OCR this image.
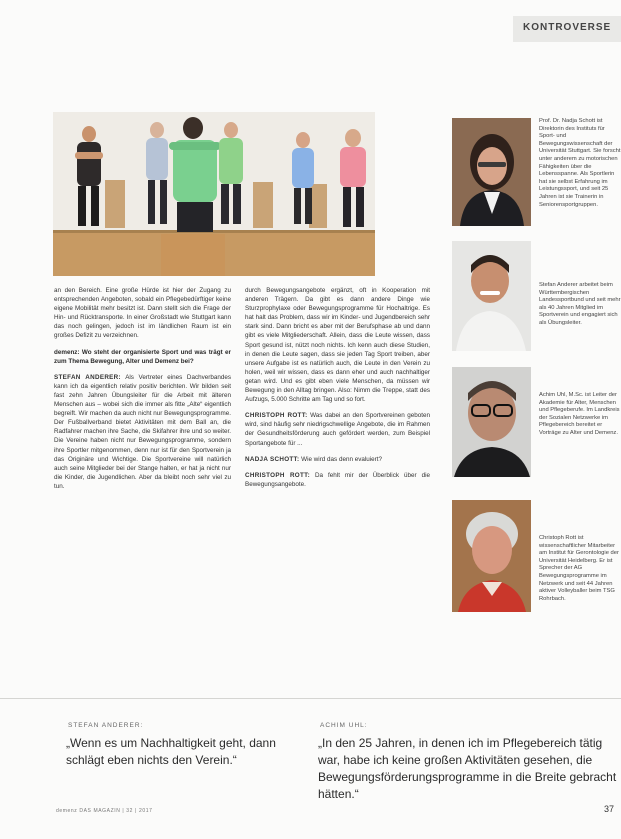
KONTROVERSE

an den Bereich. Eine große Hürde ist hier der Zugang zu entsprechenden Angeboten, sobald ein Pflegebedürftiger keine eigene Mobilität mehr besitzt ist. Dann stellt sich die Frage der Hin- und Rücktransporte. In einer Großstadt wie Stuttgart kann das noch gelingen, jedoch ist im ländlichen Raum ist ein großes Defizit zu verzeichnen.

demenz: Wo steht der organisierte Sport und was trägt er zum Thema Bewegung, Alter und Demenz bei?

STEFAN ANDERER: Als Vertreter eines Dachverbandes kann ich da eigentlich relativ positiv berichten. Wir bilden seit fast zehn Jahren Übungsleiter für die Arbeit mit älteren Menschen aus – wobei sich die immer als fitte „Alte“ eigentlich begreift. Wir machen da auch nicht nur Bewegungsprogramme. Der Fußballverband bietet Aktivitäten mit dem Ball an, die Radfahrer machen ihre Sache, die Skifahrer ihre und so weiter. Die Vereine haben nicht nur Bewegungsprogramme, sondern ihre Sportler mitgenommen, denn nur ist für den Sportverein ja das Originäre und Wichtige. Die Sportvereine will natürlich auch seine Mitglieder bei der Stange halten, er hat ja nicht nur die Kinder, die Jugendlichen. Aber da bleibt noch sehr viel zu tun.

durch Bewegungsangebote ergänzt, oft in Kooperation mit anderen Trägern. Da gibt es dann andere Dinge wie Sturzprophylaxe oder Bewegungsprogramme für Hochaltrige. Es hat halt das Problem, dass wir im Kinder- und Jugendbereich sehr stark sind. Dann bricht es aber mit der Berufsphase ab und dann gibt es viele Mitgliederschaft. Allein, dass die Leute wissen, dass Sport gesund ist, nützt noch nichts. Ich kenn auch diese Studien, in denen die Leute sagen, dass sie jeden Tag Sport treiben, aber unsere Aufgabe ist es natürlich auch, die Leute in den Verein zu holen, weil wir wissen, dass es dann eher und auch nachhaltiger getan wird. Und es gibt eben viele Menschen, da müssen wir Bewegung in den Alltag bringen. Also: Nimm die Treppe, statt des Aufzugs, 5.000 Schritte am Tag und so fort.

CHRISTOPH ROTT: Was dabei an den Sportvereinen geboten wird, sind häufig sehr niedrigschwellige Angebote, die im Rahmen der Gesundheitsförderung auch gefördert werden, zum Beispiel Sportangebote für ...

NADJA SCHOTT: Wie wird das denn evaluiert?

CHRISTOPH ROTT: Da fehlt mir der Überblick über die Bewegungsangebote.

Prof. Dr. Nadja Schott ist Direktorin des Instituts für Sport- und Bewegungswissenschaft der Universität Stuttgart. Sie forscht unter anderem zu motorischen Fähigkeiten über die Lebensspanne. Als Sportlerin hat sie selbst Erfahrung im Leistungssport, und seit 25 Jahren ist sie Trainerin in Seniorensportgruppen.
Stefan Anderer arbeitet beim Württembergischen Landessportbund und seit mehr als 40 Jahren Mitglied im Sportverein und engagiert sich als Übungsleiter.
Achim Uhl, M.Sc. ist Leiter der Akademie für Alter, Menschen und Pflegeberufe. Im Landkreis der Sozialen Netzwerke im Pflegebereich bereitet er Vorträge zu Alter und Demenz.
Christoph Rott ist wissenschaftlicher Mitarbeiter am Institut für Gerontologie der Universität Heidelberg. Er ist Sprecher der AG Bewegungsprogramme im Netzwerk und seit 44 Jahren aktiver Volleyballer beim TSG Rohrbach.
STEFAN ANDERER:
„Wenn es um Nachhaltigkeit geht, dann schlägt eben nichts den Verein.“
ACHIM UHL:
„In den 25 Jahren, in denen ich im Pflegebereich tätig war, habe ich keine großen Aktivitäten gesehen, die Bewegungsförderungsprogramme in die Breite gebracht hätten.“
demenz DAS MAGAZIN | 32 | 2017	37
